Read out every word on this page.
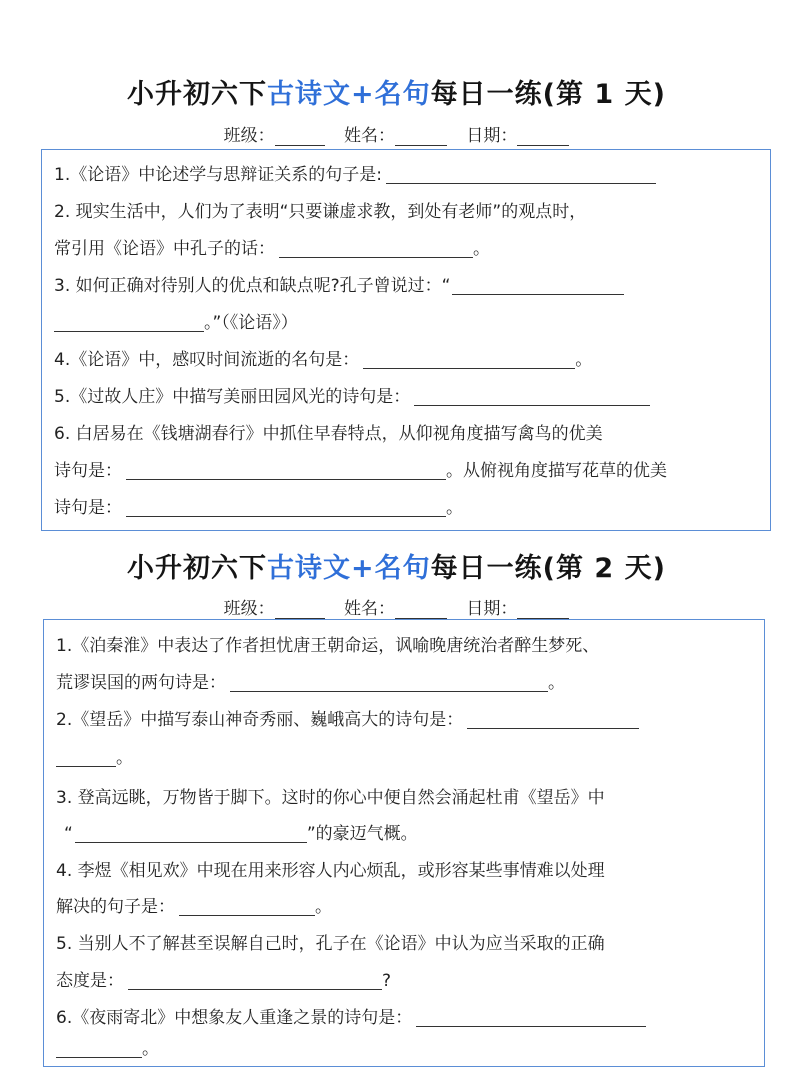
小升初六下古诗文+名句每日一练(第 1 天)
班级：	姓名：	日期：
1.《论语》中论述学与思辩证关系的句子是:
2. 现实生活中，人们为了表明“只要谦虚求教，到处有老师”的观点时，
常引用《论语》中孔子的话：	。
3. 如何正确对待别人的优点和缺点呢?孔子曾说过：“
。”（《论语》）
4.《论语》中，感叹时间流逝的名句是：	。
5.《过故人庄》中描写美丽田园风光的诗句是：
6. 白居易在《钱塘湖春行》中抓住早春特点，从仰视角度描写禽鸟的优美
诗句是：	。从俯视角度描写花草的优美
诗句是：	。
小升初六下古诗文+名句每日一练(第 2 天)
班级：	姓名：	日期：
1.《泊秦淮》中表达了作者担忧唐王朝命运，讽喻晚唐统治者醉生梦死、
荒谬误国的两句诗是：	。
2.《望岳》中描写泰山神奇秀丽、巍峨高大的诗句是：
。
3. 登高远眺，万物皆于脚下。这时的你心中便自然会涌起杜甫《望岳》中
“	”的豪迈气概。
4. 李煜《相见欢》中现在用来形容人内心烦乱，或形容某些事情难以处理
解决的句子是：	。
5. 当别人不了解甚至误解自己时，孔子在《论语》中认为应当采取的正确
态度是：	?
6.《夜雨寄北》中想象友人重逢之景的诗句是：
。
